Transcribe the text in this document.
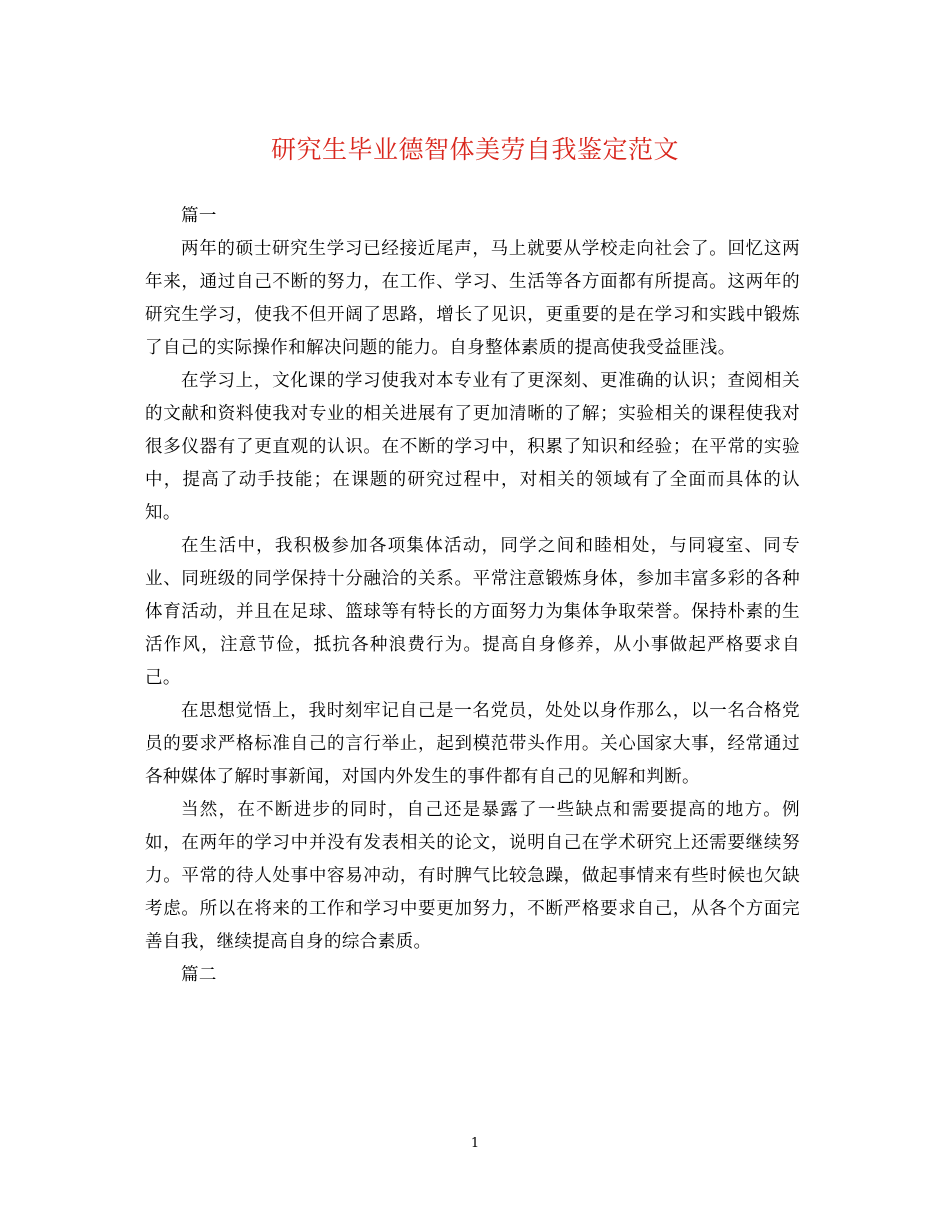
研究生毕业德智体美劳自我鉴定范文

篇一

两年的硕士研究生学习已经接近尾声，马上就要从学校走向社会了。回忆这两年来，通过自己不断的努力，在工作、学习、生活等各方面都有所提高。这两年的研究生学习，使我不但开阔了思路，增长了见识，更重要的是在学习和实践中锻炼了自己的实际操作和解决问题的能力。自身整体素质的提高使我受益匪浅。

在学习上，文化课的学习使我对本专业有了更深刻、更准确的认识；查阅相关的文献和资料使我对专业的相关进展有了更加清晰的了解；实验相关的课程使我对很多仪器有了更直观的认识。在不断的学习中，积累了知识和经验；在平常的实验中，提高了动手技能；在课题的研究过程中，对相关的领域有了全面而具体的认知。

在生活中，我积极参加各项集体活动，同学之间和睦相处，与同寝室、同专业、同班级的同学保持十分融洽的关系。平常注意锻炼身体，参加丰富多彩的各种体育活动，并且在足球、篮球等有特长的方面努力为集体争取荣誉。保持朴素的生活作风，注意节俭，抵抗各种浪费行为。提高自身修养，从小事做起严格要求自己。

在思想觉悟上，我时刻牢记自己是一名党员，处处以身作那么，以一名合格党员的要求严格标准自己的言行举止，起到模范带头作用。关心国家大事，经常通过各种媒体了解时事新闻，对国内外发生的事件都有自己的见解和判断。

当然，在不断进步的同时，自己还是暴露了一些缺点和需要提高的地方。例如，在两年的学习中并没有发表相关的论文，说明自己在学术研究上还需要继续努力。平常的待人处事中容易冲动，有时脾气比较急躁，做起事情来有些时候也欠缺考虑。所以在将来的工作和学习中要更加努力，不断严格要求自己，从各个方面完善自我，继续提高自身的综合素质。

篇二

1
